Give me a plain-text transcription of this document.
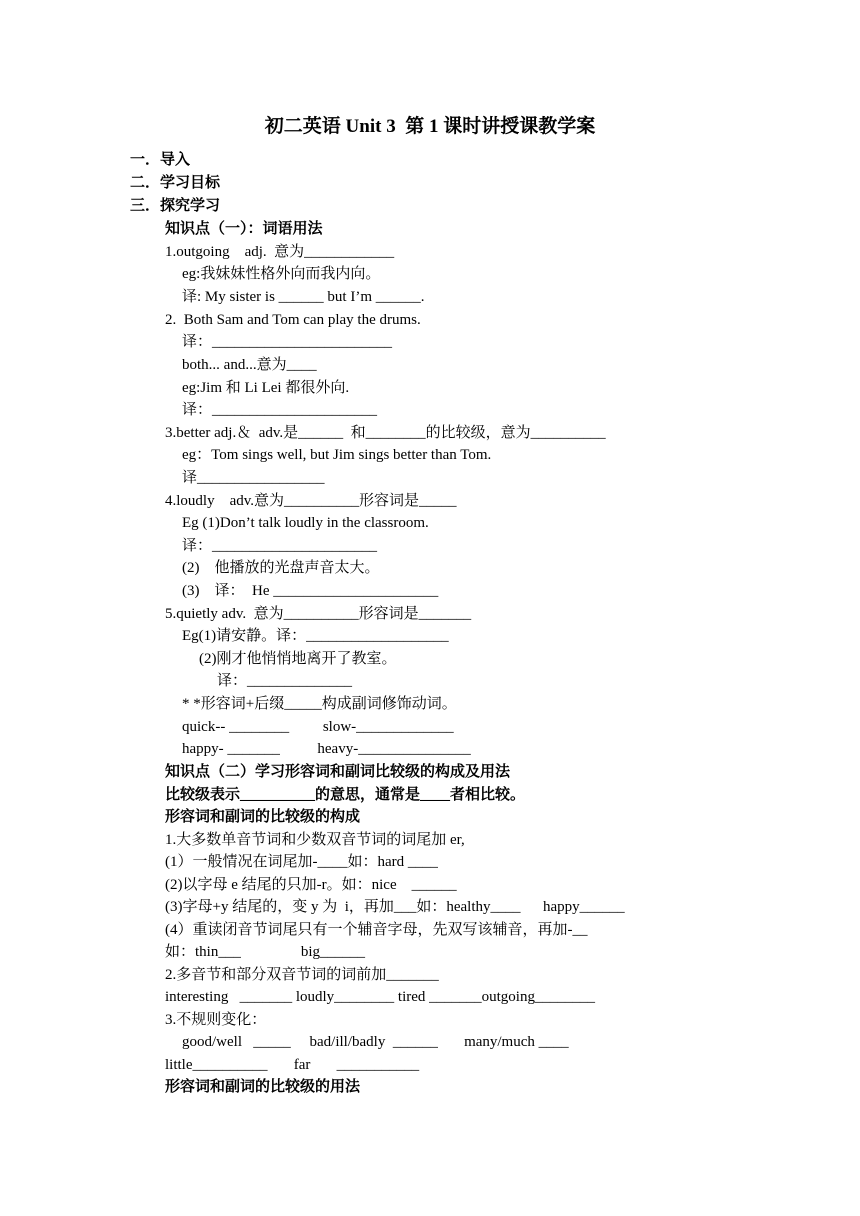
初二英语 Unit 3  第 1 课时讲授课教学案
一．导入
二．学习目标
三．探究学习
知识点（一）：词语用法
1.outgoing    adj.  意为____________
eg:我妹妹性格外向而我内向。
译: My sister is ______ but I’m ______.
2.  Both Sam and Tom can play the drums.
译：________________________
both... and...意为____
eg:Jim 和 Li Lei 都很外向.
译：______________________
3.better adj.＆  adv.是______  和________的比较级，意为__________
eg：Tom sings well, but Jim sings better than Tom.
译_________________
4.loudly    adv.意为__________形容词是_____
Eg (1)Don’t talk loudly in the classroom.
译：______________________
(2)    他播放的光盘声音太大。
(3)    译：  He ______________________
5.quietly adv.  意为__________形容词是_______
Eg(1)请安静。译：___________________
(2)刚才他悄悄地离开了教室。
译：______________
* *形容词+后缀_____构成副词修饰动词。
quick-- ________         slow-_____________
happy- _______          heavy-_______________
知识点（二）学习形容词和副词比较级的构成及用法
比较级表示__________的意思，通常是____者相比较。
形容词和副词的比较级的构成
1.大多数单音节词和少数双音节词的词尾加 er,
(1）一般情况在词尾加-____如：hard ____
(2)以字母 e 结尾的只加-r。如：nice    ______
(3)字母+y 结尾的，变 y 为  i，再加___如：healthy____      happy______
(4）重读闭音节词尾只有一个辅音字母，先双写该辅音，再加-__
如：thin___                big______
2.多音节和部分双音节词的词前加_______
interesting   _______ loudly________ tired _______outgoing________
3.不规则变化：
good/well   _____     bad/ill/badly  ______       many/much ____
little__________       far       ___________
形容词和副词的比较级的用法
